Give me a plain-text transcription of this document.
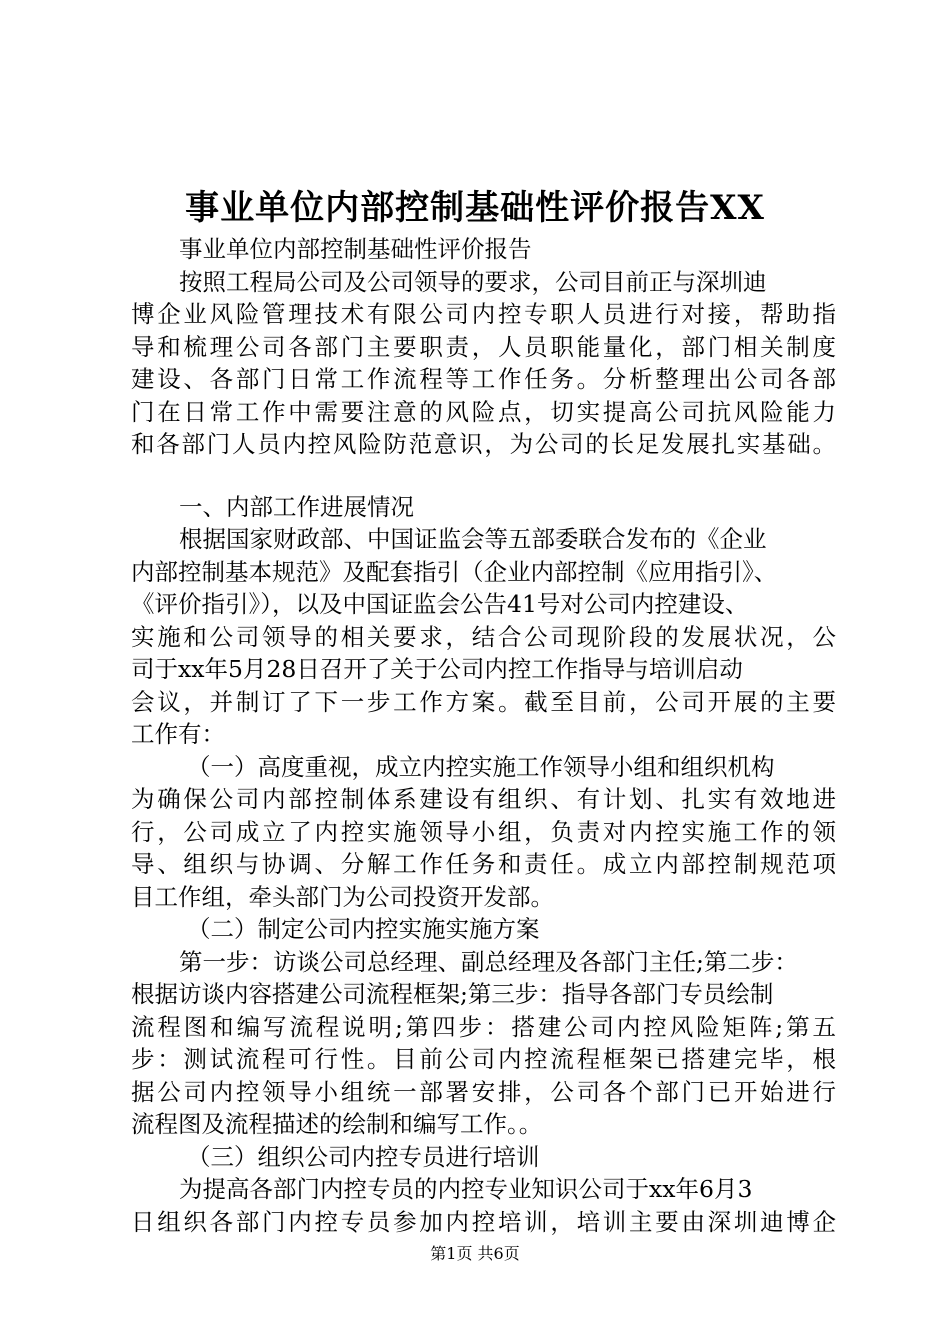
事业单位内部控制基础性评价报告XX
事业单位内部控制基础性评价报告
按照工程局公司及公司领导的要求，公司目前正与深圳迪
博企业风险管理技术有限公司内控专职人员进行对接，帮助指
导和梳理公司各部门主要职责，人员职能量化，部门相关制度
建设、各部门日常工作流程等工作任务。分析整理出公司各部
门在日常工作中需要注意的风险点，切实提高公司抗风险能力
和各部门人员内控风险防范意识，为公司的长足发展扎实基础。
一、内部工作进展情况
根据国家财政部、中国证监会等五部委联合发布的《企业
内部控制基本规范》及配套指引（企业内部控制《应用指引》、
《评价指引》），以及中国证监会公告41号对公司内控建设、
实施和公司领导的相关要求，结合公司现阶段的发展状况，公
司于xx年5月28日召开了关于公司内控工作指导与培训启动
会议，并制订了下一步工作方案。截至目前，公司开展的主要
工作有：
（一）高度重视，成立内控实施工作领导小组和组织机构
为确保公司内部控制体系建设有组织、有计划、扎实有效地进
行，公司成立了内控实施领导小组，负责对内控实施工作的领
导、组织与协调、分解工作任务和责任。成立内部控制规范项
目工作组，牵头部门为公司投资开发部。
（二）制定公司内控实施实施方案
第一步：访谈公司总经理、副总经理及各部门主任;第二步：
根据访谈内容搭建公司流程框架;第三步：指导各部门专员绘制
流程图和编写流程说明;第四步：搭建公司内控风险矩阵;第五
步：测试流程可行性。目前公司内控流程框架已搭建完毕，根
据公司内控领导小组统一部署安排，公司各个部门已开始进行
流程图及流程描述的绘制和编写工作。。
（三）组织公司内控专员进行培训
为提高各部门内控专员的内控专业知识公司于xx年6月3
日组织各部门内控专员参加内控培训，培训主要由深圳迪博企
第1页 共6页
